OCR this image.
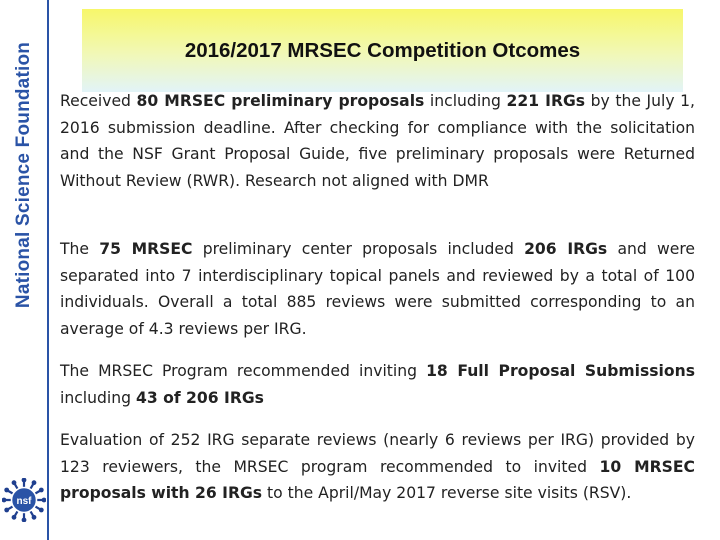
National Science Foundation
nsf
2016/2017 MRSEC Competition Otcomes
Received 80 MRSEC preliminary proposals including 221 IRGs by the July 1, 2016 submission deadline. After checking for compliance with the solicitation and the NSF Grant Proposal Guide, five preliminary proposals were Returned Without Review (RWR). Research not aligned with DMR
The 75 MRSEC preliminary center proposals included 206 IRGs and were separated into 7 interdisciplinary topical panels and reviewed by a total of 100 individuals. Overall a total 885 reviews were submitted corresponding to an average of 4.3 reviews per IRG.
The MRSEC Program recommended inviting 18 Full Proposal Submissions including 43 of 206 IRGs
Evaluation of 252 IRG separate reviews (nearly 6 reviews per IRG) provided by 123 reviewers, the MRSEC program recommended to invited 10 MRSEC proposals with 26 IRGs to the April/May 2017 reverse site visits (RSV).
